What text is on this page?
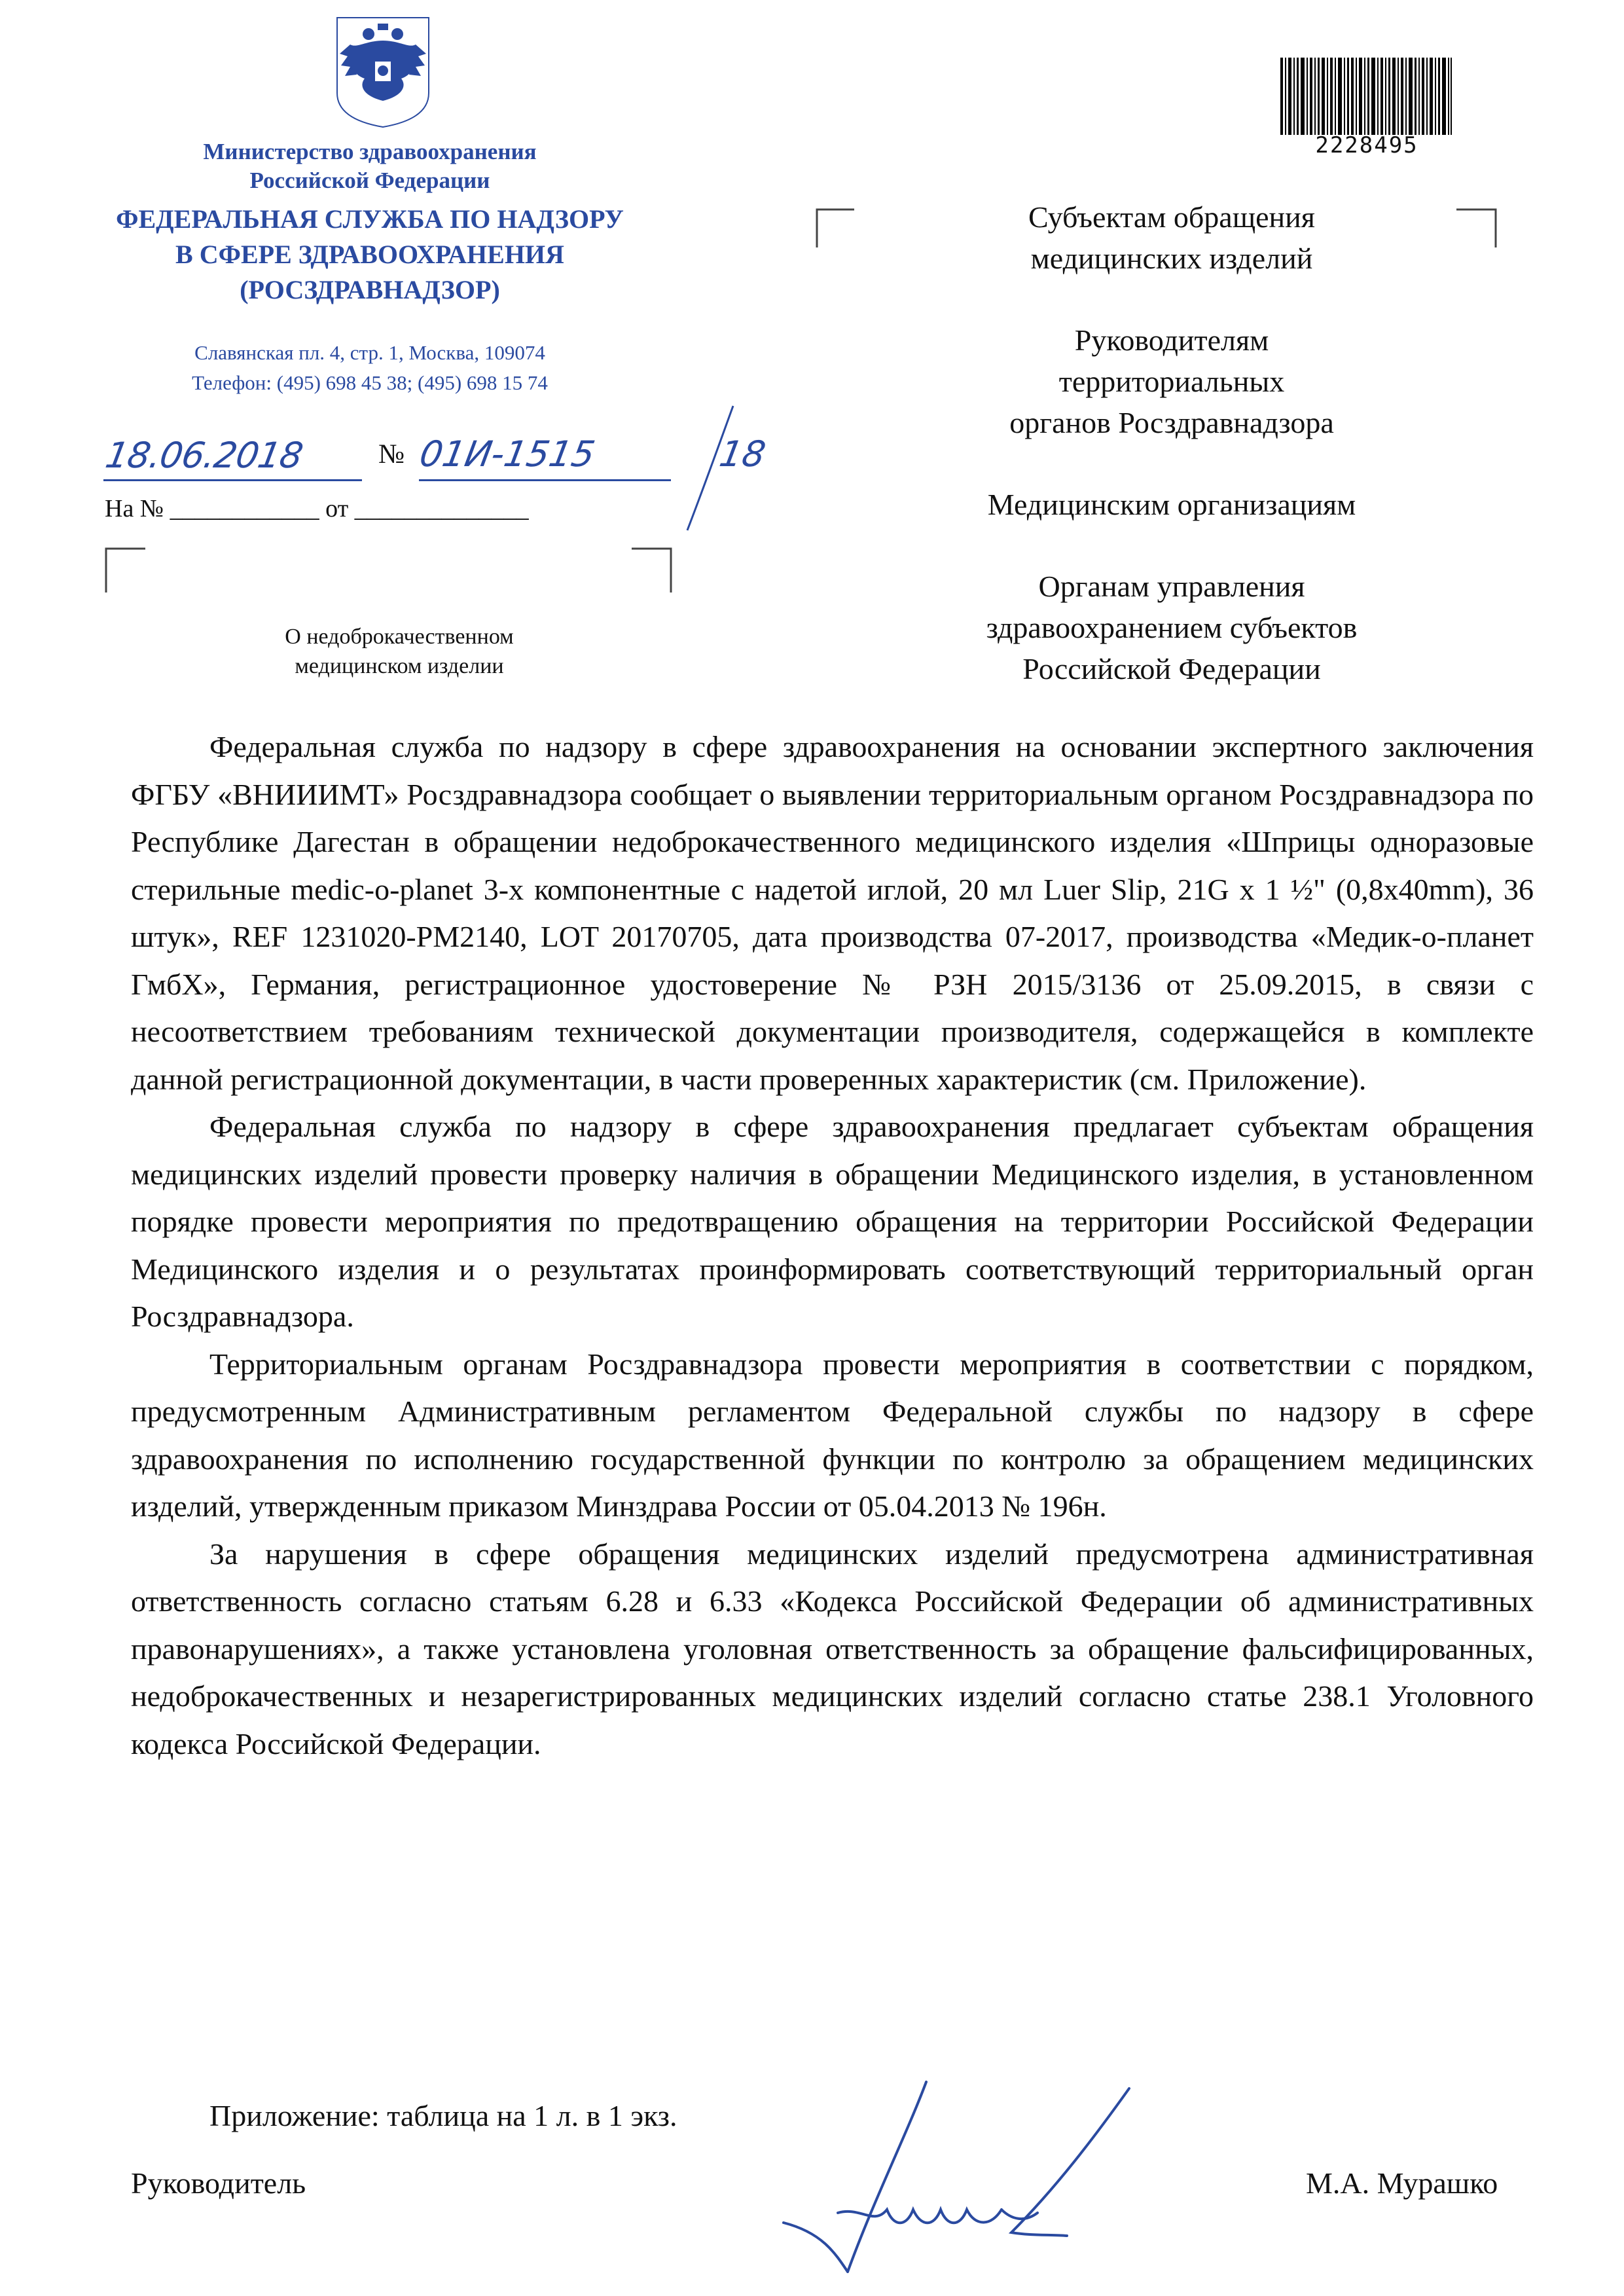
Министерство здравоохранения
Российской Федерации
ФЕДЕРАЛЬНАЯ СЛУЖБА ПО НАДЗОРУ
В СФЕРЕ ЗДРАВООХРАНЕНИЯ
(РОСЗДРАВНАДЗОР)
Славянская пл. 4, стр. 1, Москва, 109074
Телефон: (495) 698 45 38; (495) 698 15 74
18.06.2018	№ 01И-1515	18
На № ____________ от ______________
О недоброкачественном
медицинском изделии
2228495
Субъектам обращения
медицинских изделий
Руководителям
территориальных
органов Росздравнадзора
Медицинским организациям
Органам управления
здравоохранением субъектов
Российской Федерации

Федеральная служба по надзору в сфере здравоохранения на основании экспертного заключения ФГБУ «ВНИИИМТ» Росздравнадзора сообщает о выявлении территориальным органом Росздравнадзора по Республике Дагестан в обращении недоброкачественного медицинского изделия «Шприцы одноразовые стерильные medic-o-planet 3-х компонентные с надетой иглой, 20 мл Luer Slip, 21G x 1 ½" (0,8x40mm), 36 штук», REF 1231020-PM2140, LOT 20170705, дата производства 07-2017, производства «Медик-о-планет ГмбХ», Германия, регистрационное удостоверение № РЗН 2015/3136 от 25.09.2015, в связи с несоответствием требованиям технической документации производителя, содержащейся в комплекте данной регистрационной документации, в части проверенных характеристик (см. Приложение).

Федеральная служба по надзору в сфере здравоохранения предлагает субъектам обращения медицинских изделий провести проверку наличия в обращении Медицинского изделия, в установленном порядке провести мероприятия по предотвращению обращения на территории Российской Федерации Медицинского изделия и о результатах проинформировать соответствующий территориальный орган Росздравнадзора.

Территориальным органам Росздравнадзора провести мероприятия в соответствии с порядком, предусмотренным Административным регламентом Федеральной службы по надзору в сфере здравоохранения по исполнению государственной функции по контролю за обращением медицинских изделий, утвержденным приказом Минздрава России от 05.04.2013 № 196н.

За нарушения в сфере обращения медицинских изделий предусмотрена административная ответственность согласно статьям 6.28 и 6.33 «Кодекса Российской Федерации об административных правонарушениях», а также установлена уголовная ответственность за обращение фальсифицированных, недоброкачественных и незарегистрированных медицинских изделий согласно статье 238.1 Уголовного кодекса Российской Федерации.

Приложение: таблица на 1 л. в 1 экз.
Руководитель	М.А. Мурашко
